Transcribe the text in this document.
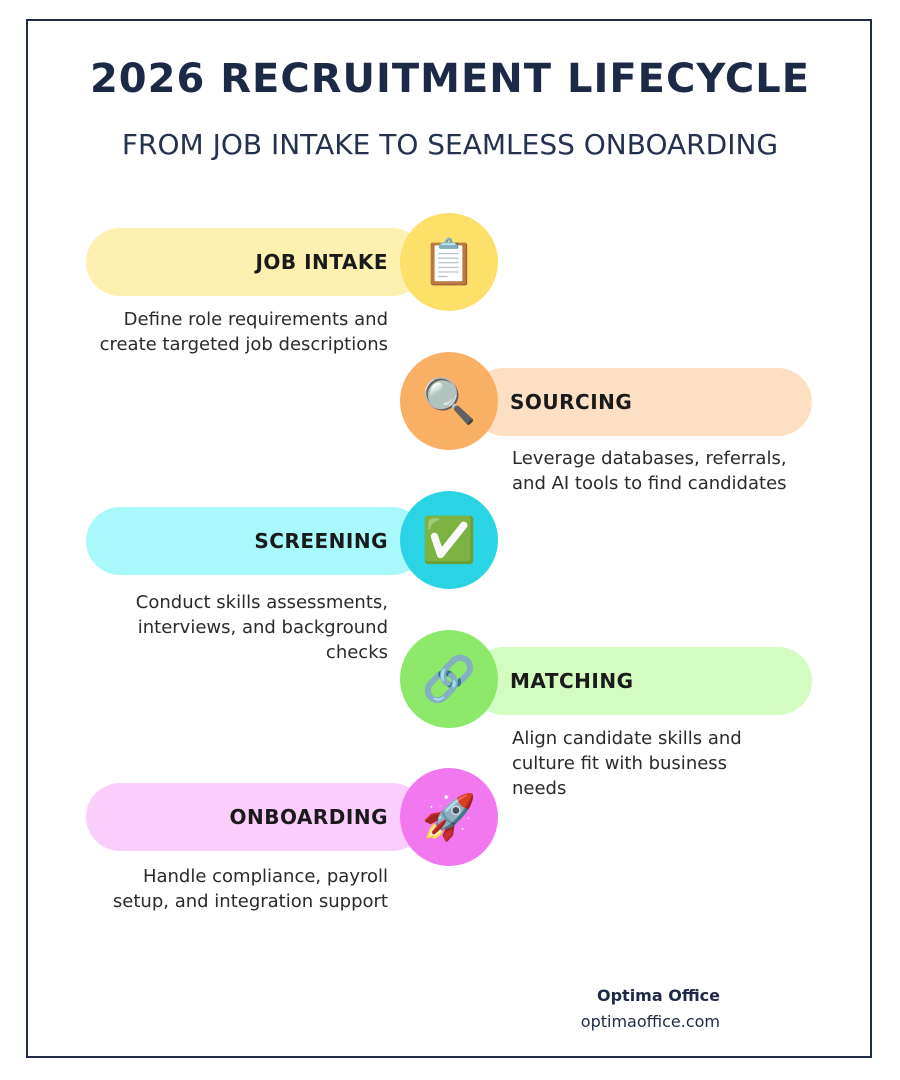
2026 RECRUITMENT LIFECYCLE
FROM JOB INTAKE TO SEAMLESS ONBOARDING
JOB INTAKE 📋
Define role requirements and create targeted job descriptions
SOURCING
🔍
Leverage databases, referrals, and AI tools to find candidates
SCREENING ✅
Conduct skills assessments, interviews, and background checks
MATCHING
🔗
Align candidate skills and culture fit with business needs
ONBOARDING 🚀
Handle compliance, payroll setup, and integration support
Optima Office
optimaoffice.com
